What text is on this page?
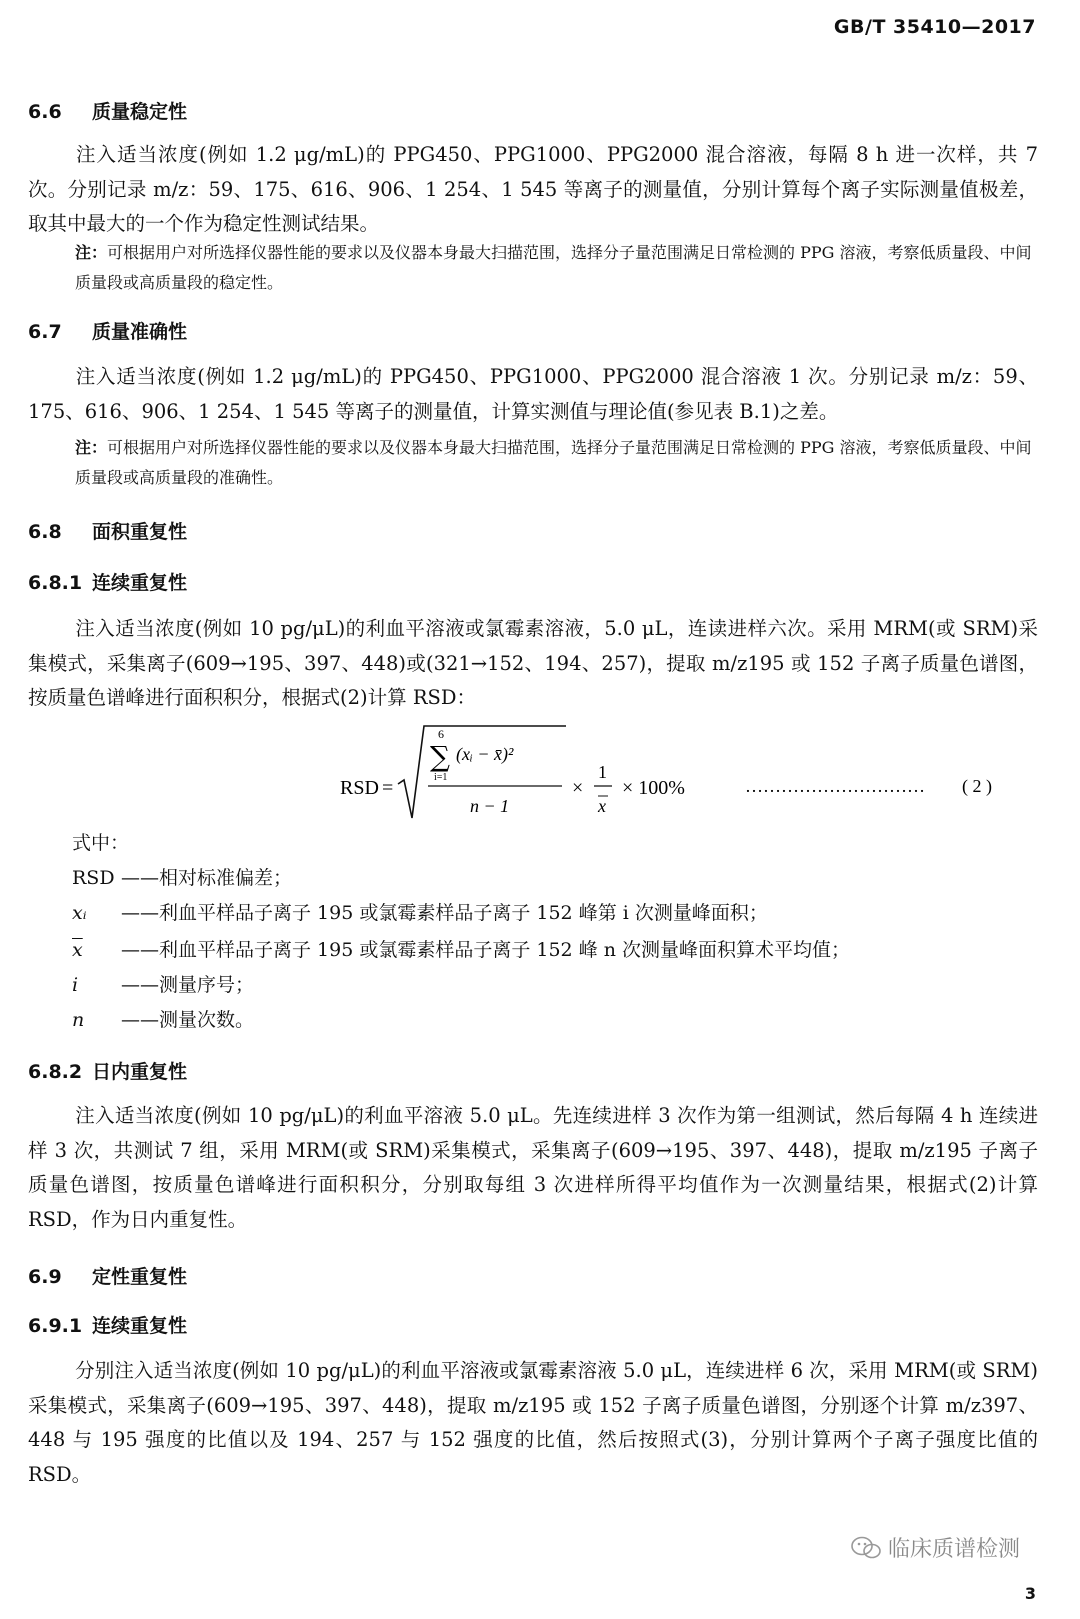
GB/T 35410—2017
6.6 质量稳定性
注入适当浓度(例如 1.2 μg/mL)的 PPG450、PPG1000、PPG2000 混合溶液，每隔 8 h 进一次样，共 7 次。分别记录 m/z：59、175、616、906、1 254、1 545 等离子的测量值，分别计算每个离子实际测量值极差，取其中最大的一个作为稳定性测试结果。
注：可根据用户对所选择仪器性能的要求以及仪器本身最大扫描范围，选择分子量范围满足日常检测的 PPG 溶液，考察低质量段、中间质量段或高质量段的稳定性。
6.7 质量准确性
注入适当浓度(例如 1.2 μg/mL)的 PPG450、PPG1000、PPG2000 混合溶液 1 次。分别记录 m/z：59、175、616、906、1 254、1 545 等离子的测量值，计算实测值与理论值(参见表 B.1)之差。
注：可根据用户对所选择仪器性能的要求以及仪器本身最大扫描范围，选择分子量范围满足日常检测的 PPG 溶液，考察低质量段、中间质量段或高质量段的准确性。
6.8 面积重复性
6.8.1 连续重复性
注入适当浓度(例如 10 pg/μL)的利血平溶液或氯霉素溶液，5.0 μL，连读进样六次。采用 MRM(或 SRM)采集模式，采集离子(609→195、397、448)或(321→152、194、257)，提取 m/z195 或 152 子离子质量色谱图，按质量色谱峰进行面积积分，根据式(2)计算 RSD：
RSD =
6
∑
i=1
(xᵢ − x̄)²
n − 1
×
1
x
× 100%	………………………… ( 2 )
式中：
RSD ——相对标准偏差；
xᵢ ——利血平样品子离子 195 或氯霉素样品子离子 152 峰第 i 次测量峰面积；
$\overline{x}$ ——利血平样品子离子 195 或氯霉素样品子离子 152 峰 n 次测量峰面积算术平均值；
i ——测量序号；
n ——测量次数。
6.8.2 日内重复性
注入适当浓度(例如 10 pg/μL)的利血平溶液 5.0 μL。先连续进样 3 次作为第一组测试，然后每隔 4 h 连续进样 3 次，共测试 7 组，采用 MRM(或 SRM)采集模式，采集离子(609→195、397、448)，提取 m/z195 子离子质量色谱图，按质量色谱峰进行面积积分，分别取每组 3 次进样所得平均值作为一次测量结果，根据式(2)计算 RSD，作为日内重复性。
6.9 定性重复性
6.9.1 连续重复性
分别注入适当浓度(例如 10 pg/μL)的利血平溶液或氯霉素溶液 5.0 μL，连续进样 6 次，采用 MRM(或 SRM)采集模式，采集离子(609→195、397、448)，提取 m/z195 或 152 子离子质量色谱图，分别逐个计算 m/z397、448 与 195 强度的比值以及 194、257 与 152 强度的比值，然后按照式(3)，分别计算两个子离子强度比值的 RSD。
临床质谱检测
3
